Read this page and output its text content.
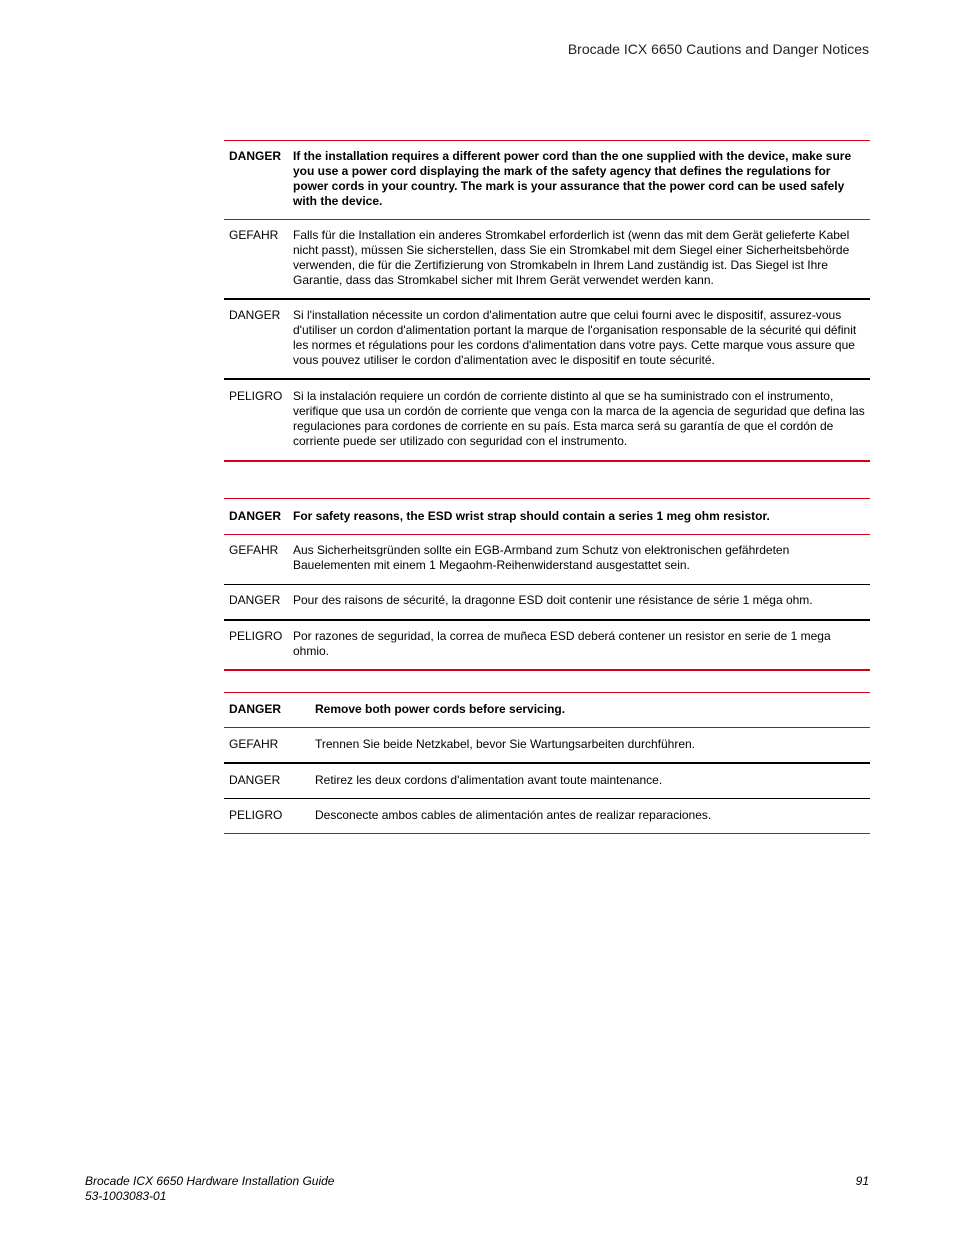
Brocade ICX 6650 Cautions and Danger Notices
DANGER If the installation requires a different power cord than the one supplied with the device, make sure you use a power cord displaying the mark of the safety agency that defines the regulations for power cords in your country. The mark is your assurance that the power cord can be used safely with the device.
GEFAHR	Falls für die Installation ein anderes Stromkabel erforderlich ist (wenn das mit dem Gerät gelieferte Kabel nicht passt), müssen Sie sicherstellen, dass Sie ein Stromkabel mit dem Siegel einer Sicherheitsbehörde verwenden, die für die Zertifizierung von Stromkabeln in Ihrem Land zuständig ist. Das Siegel ist Ihre Garantie, dass das Stromkabel sicher mit Ihrem Gerät verwendet werden kann.
DANGER	Si l'installation nécessite un cordon d'alimentation autre que celui fourni avec le dispositif, assurez-vous d'utiliser un cordon d'alimentation portant la marque de l'organisation responsable de la sécurité qui définit les normes et régulations pour les cordons d'alimentation dans votre pays. Cette marque vous assure que vous pouvez utiliser le cordon d'alimentation avec le dispositif en toute sécurité.
PELIGRO Si la instalación requiere un cordón de corriente distinto al que se ha suministrado con el instrumento, verifique que usa un cordón de corriente que venga con la marca de la agencia de seguridad que defina las regulaciones para cordones de corriente en su país. Esta marca será su garantía de que el cordón de corriente puede ser utilizado con seguridad con el instrumento.
DANGER For safety reasons, the ESD wrist strap should contain a series 1 meg ohm resistor.
GEFAHR	Aus Sicherheitsgründen sollte ein EGB-Armband zum Schutz von elektronischen gefährdeten Bauelementen mit einem 1 Megaohm-Reihenwiderstand ausgestattet sein.
DANGER	Pour des raisons de sécurité, la dragonne ESD doit contenir une résistance de série 1 méga ohm.
PELIGRO Por razones de seguridad, la correa de muñeca ESD deberá contener un resistor en serie de 1 mega ohmio.
DANGER	Remove both power cords before servicing.
GEFAHR	Trennen Sie beide Netzkabel, bevor Sie Wartungsarbeiten durchführen.
DANGER	Retirez les deux cordons d'alimentation avant toute maintenance.
PELIGRO	Desconecte ambos cables de alimentación antes de realizar reparaciones.
Brocade ICX 6650 Hardware Installation Guide
53-1003083-01
91
